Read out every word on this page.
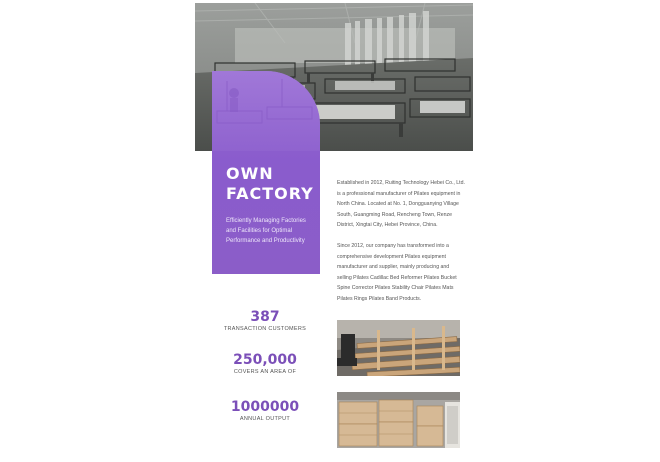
OWN
FACTORY

Efficiently Managing Factories and Facilities for Optimal Performance and Productivity

Established in 2012, Ruiting Technology Hebei Co., Ltd. is a professional manufacturer of Pilates equipment in North China. Located at No. 1, Dongguanying Village South, Guangming Road, Rencheng Town, Renze District, Xingtai City, Hebei Province, China.

Since 2012, our company has transformed into a comprehensive development Pilates equipment manufacturer and supplier, mainly producing and selling Pilates Cadillac Bed Reformer Pilates Bucket Spine Corrector Pilates Stability Chair Pilates Mats Pilates Rings Pilates Band Products.

387
TRANSACTION CUSTOMERS
250,000
COVERS AN AREA OF
1000000
ANNUAL OUTPUT
